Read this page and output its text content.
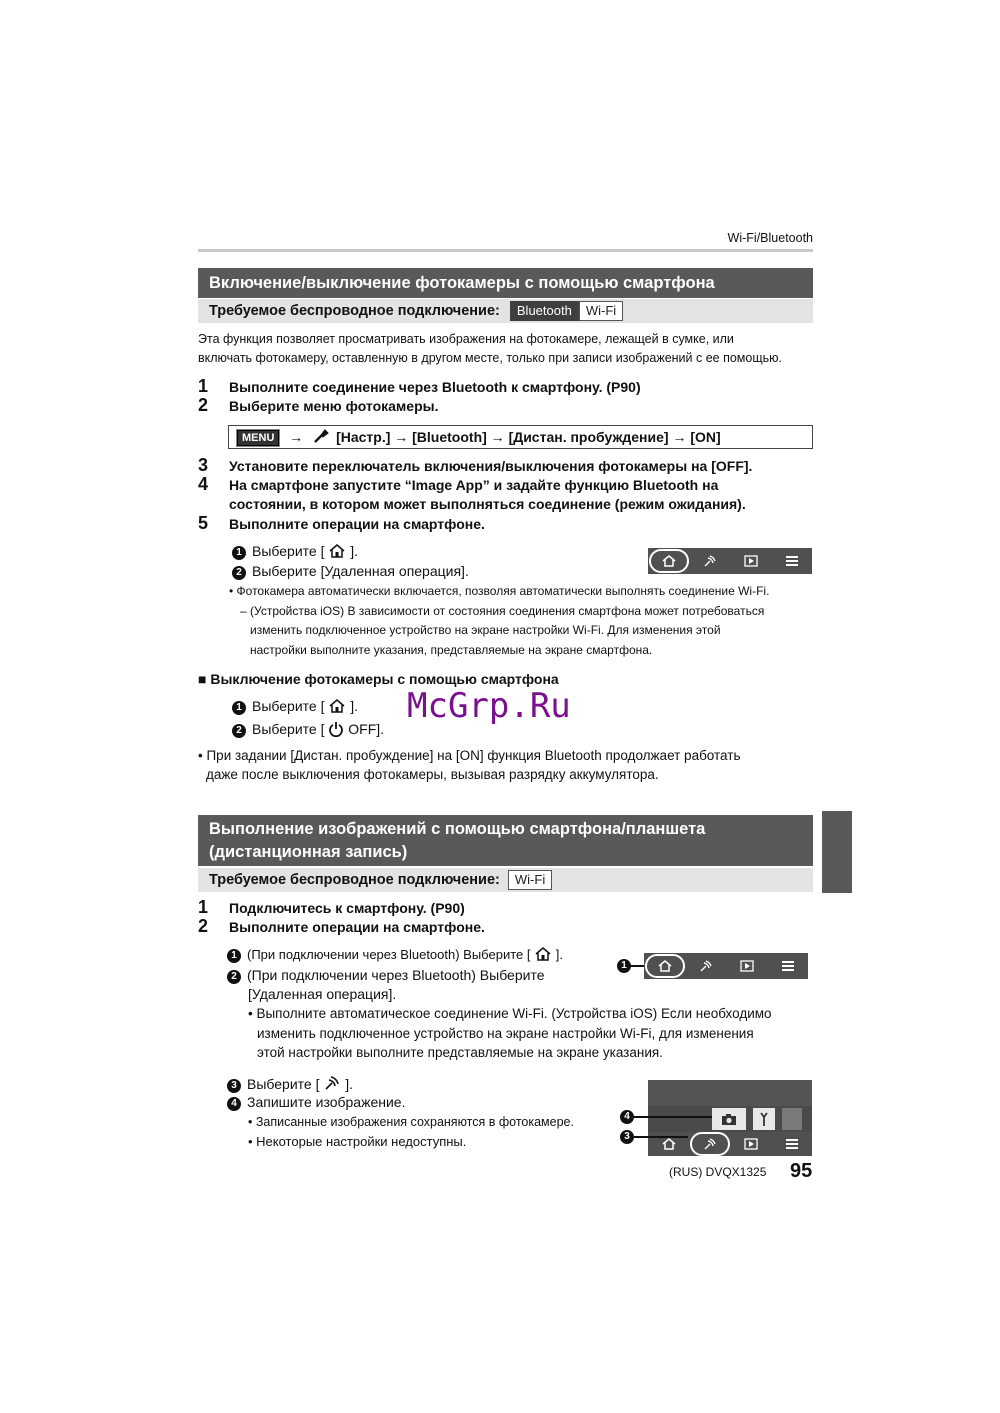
Wi-Fi/Bluetooth
Включение/выключение фотокамеры с помощью смартфона
Требуемое беспроводное подключение: Bluetooth Wi-Fi
Эта функция позволяет просматривать изображения на фотокамере, лежащей в сумке, или
включать фотокамеру, оставленную в другом месте, только при записи изображений с ее помощью.
1 Выполните соединение через Bluetooth к смартфону. (P90)
2 Выберите меню фотокамеры.
MENU → [Настр.] → [Bluetooth] → [Дистан. пробуждение] → [ON]
3 Установите переключатель включения/выключения фотокамеры на [OFF].
4 На смартфоне запустите “Image App” и задайте функцию Bluetooth на
состоянии, в котором может выполняться соединение (режим ожидания).
5 Выполните операции на смартфоне.
1 Выберите [ ].
2 Выберите [Удаленная операция].
• Фотокамера автоматически включается, позволяя автоматически выполнять соединение Wi-Fi.
– (Устройства iOS) В зависимости от состояния соединения смартфона может потребоваться
изменить подключенное устройство на экране настройки Wi-Fi. Для изменения этой
настройки выполните указания, представляемые на экране смартфона.
■ Выключение фотокамеры с помощью смартфона
1 Выберите [ ].
2 Выберите [ OFF].
McGrp.Ru
• При задании [Дистан. пробуждение] на [ON] функция Bluetooth продолжает работать
даже после выключения фотокамеры, вызывая разрядку аккумулятора.
Выполнение изображений с помощью смартфона/планшета
(дистанционная запись)
Требуемое беспроводное подключение: Wi-Fi
1 Подключитесь к смартфону. (P90)
2 Выполните операции на смартфоне.
1 (При подключении через Bluetooth) Выберите [ ].
2 (При подключении через Bluetooth) Выберите
[Удаленная операция].
1
• Выполните автоматическое соединение Wi-Fi. (Устройства iOS) Если необходимо
изменить подключенное устройство на экране настройки Wi-Fi, для изменения
этой настройки выполните представляемые на экране указания.
3 Выберите [ ].
4 Запишите изображение.
• Записанные изображения сохраняются в фотокамере.
• Некоторые настройки недоступны.
4
3
(RUS) DVQX1325 95
